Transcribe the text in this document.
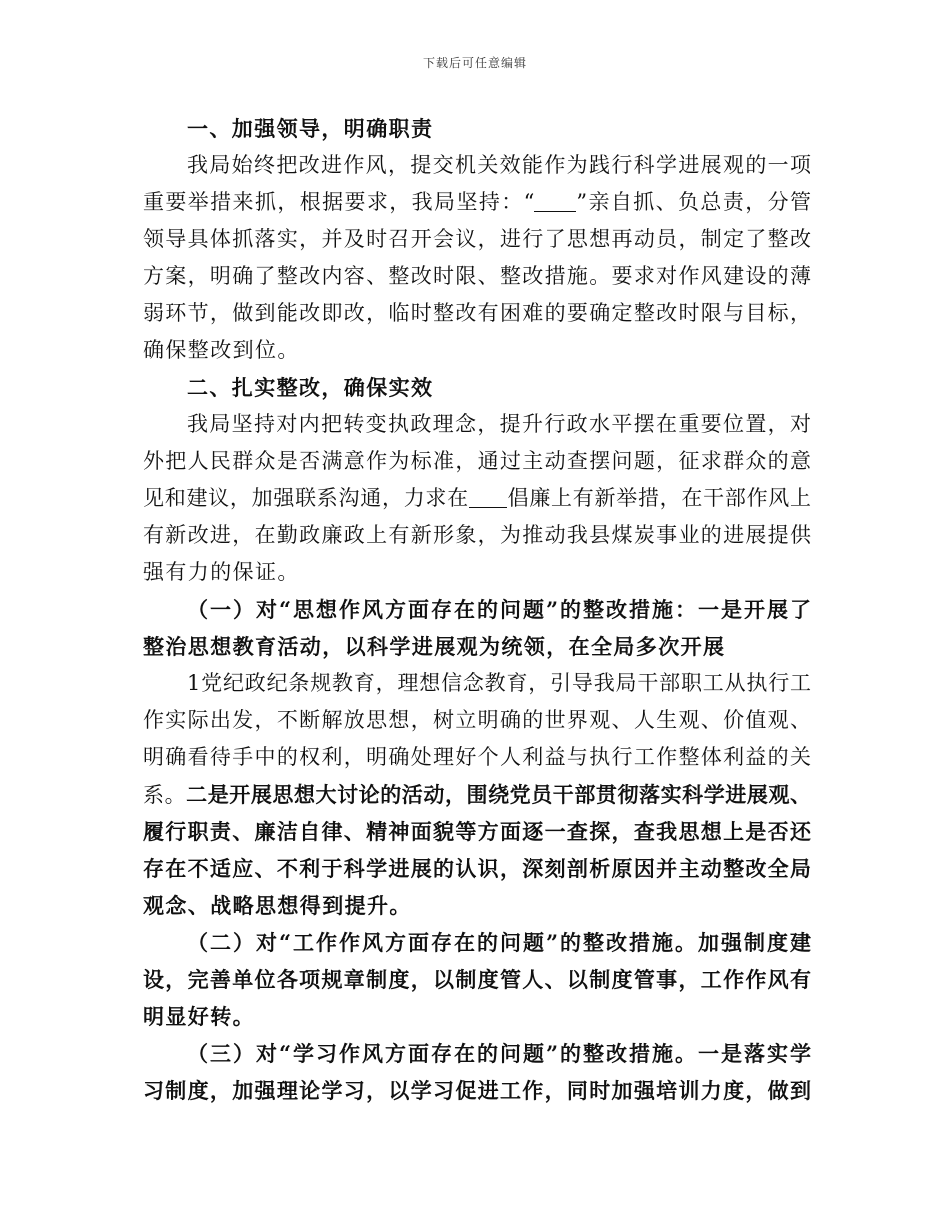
下载后可任意编辑
一、加强领导，明确职责
我局始终把改进作风，提交机关效能作为践行科学进展观的一项
重要举措来抓，根据要求，我局坚持：“ ”亲自抓、负总责，分管
领导具体抓落实，并及时召开会议，进行了思想再动员，制定了整改
方案，明确了整改内容、整改时限、整改措施。要求对作风建设的薄
弱环节，做到能改即改，临时整改有困难的要确定整改时限与目标，
确保整改到位。
二、扎实整改，确保实效
我局坚持对内把转变执政理念，提升行政水平摆在重要位置，对
外把人民群众是否满意作为标准，通过主动查摆问题，征求群众的意
见和建议，加强联系沟通，力求在 倡廉上有新举措，在干部作风上
有新改进，在勤政廉政上有新形象，为推动我县煤炭事业的进展提供
强有力的保证。
（一）对“思想作风方面存在的问题”的整改措施：一是开展了
整治思想教育活动，以科学进展观为统领，在全局多次开展
1党纪政纪条规教育，理想信念教育，引导我局干部职工从执行工
作实际出发，不断解放思想，树立明确的世界观、人生观、价值观、
明确看待手中的权利，明确处理好个人利益与执行工作整体利益的关
系。二是开展思想大讨论的活动，围绕党员干部贯彻落实科学进展观、
履行职责、廉洁自律、精神面貌等方面逐一查探，查我思想上是否还
存在不适应、不利于科学进展的认识，深刻剖析原因并主动整改全局
观念、战略思想得到提升。
（二）对“工作作风方面存在的问题”的整改措施。加强制度建
设，完善单位各项规章制度，以制度管人、以制度管事，工作作风有
明显好转。
（三）对“学习作风方面存在的问题”的整改措施。一是落实学
习制度，加强理论学习，以学习促进工作，同时加强培训力度，做到
